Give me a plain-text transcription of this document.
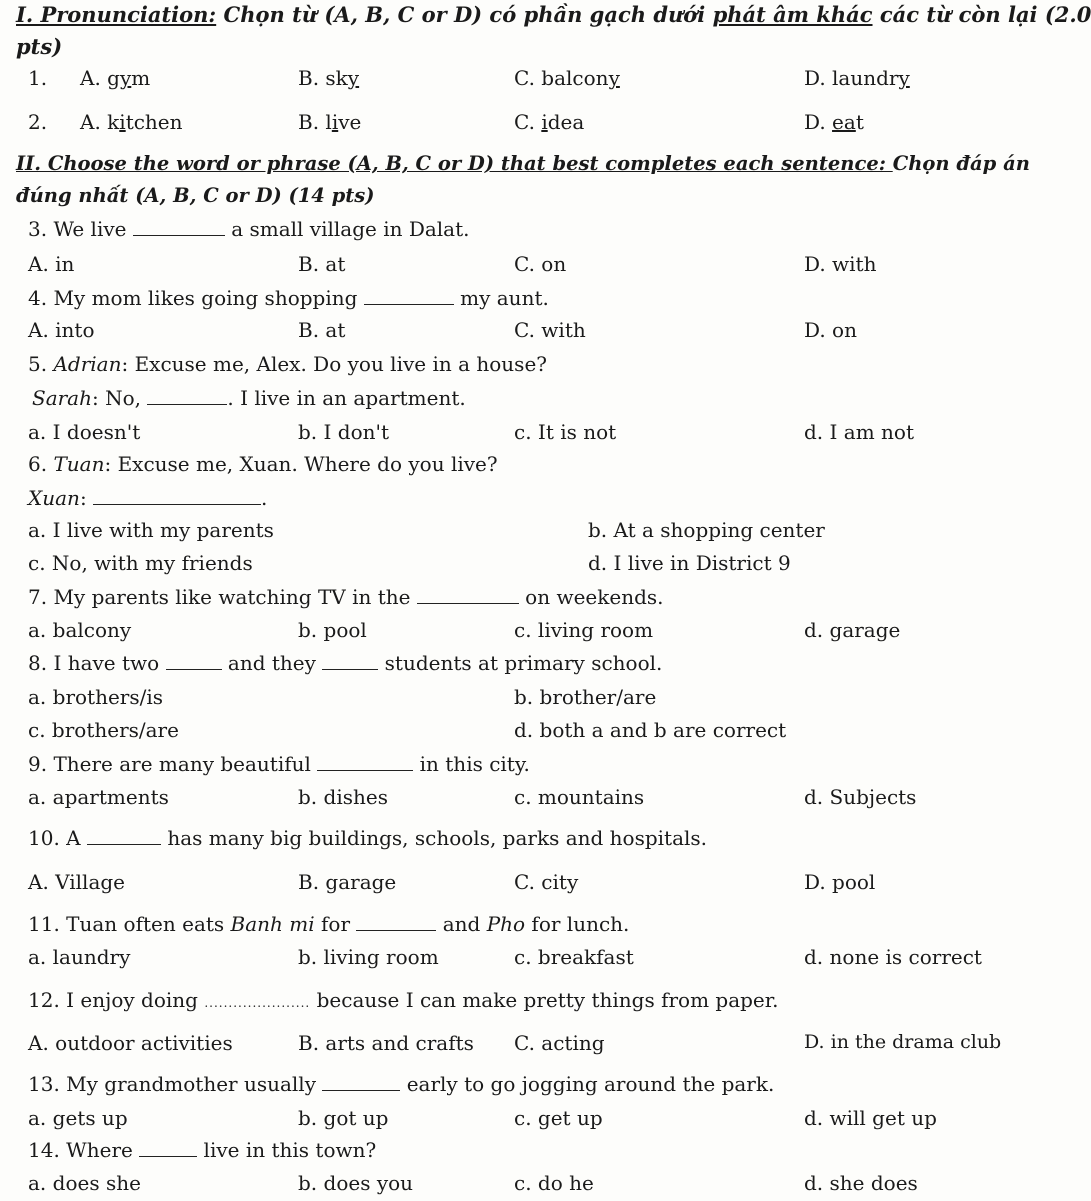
I. Pronunciation: Chọn từ (A, B, C or D) có phần gạch dưới phát âm khác các từ còn lại (2.0
pts)
1. A. gym	B. sky	C. balcony	D. laundry
2. A. kitchen	B. live	C. idea	D. eat
II. Choose the word or phrase (A, B, C or D) that best completes each sentence: Chọn đáp án
đúng nhất (A, B, C or D) (14 pts)
3. We live	a small village in Dalat.
A. in	B. at	C. on	D. with
4. My mom likes going shopping	my aunt.
A. into	B. at	C. with	D. on
5. Adrian: Excuse me, Alex. Do you live in a house?
Sarah: No,	. I live in an apartment.
a. I doesn't	b. I don't	c. It is not	d. I am not
6. Tuan: Excuse me, Xuan. Where do you live?
Xuan:	.
a. I live with my parents	b. At a shopping center
c. No, with my friends	d. I live in District 9
7. My parents like watching TV in the	on weekends.
a. balcony	b. pool	c. living room	d. garage
8. I have two	and they	students at primary school.
a. brothers/is	b. brother/are
c. brothers/are	d. both a and b are correct
9. There are many beautiful	in this city.
a. apartments	b. dishes	c. mountains	d. Subjects
10. A	has many big buildings, schools, parks and hospitals.
A. Village	B. garage	C. city	D. pool
11. Tuan often eats Banh mi for	and Pho for lunch.
a. laundry	b. living room	c. breakfast	d. none is correct
12. I enjoy doing ...................... because I can make pretty things from paper.
A. outdoor activities	B. arts and crafts C. acting	D. in the drama club
13. My grandmother usually	early to go jogging around the park.
a. gets up	b. got up	c. get up	d. will get up
14. Where	live in this town?
a. does she	b. does you	c. do he	d. she does
